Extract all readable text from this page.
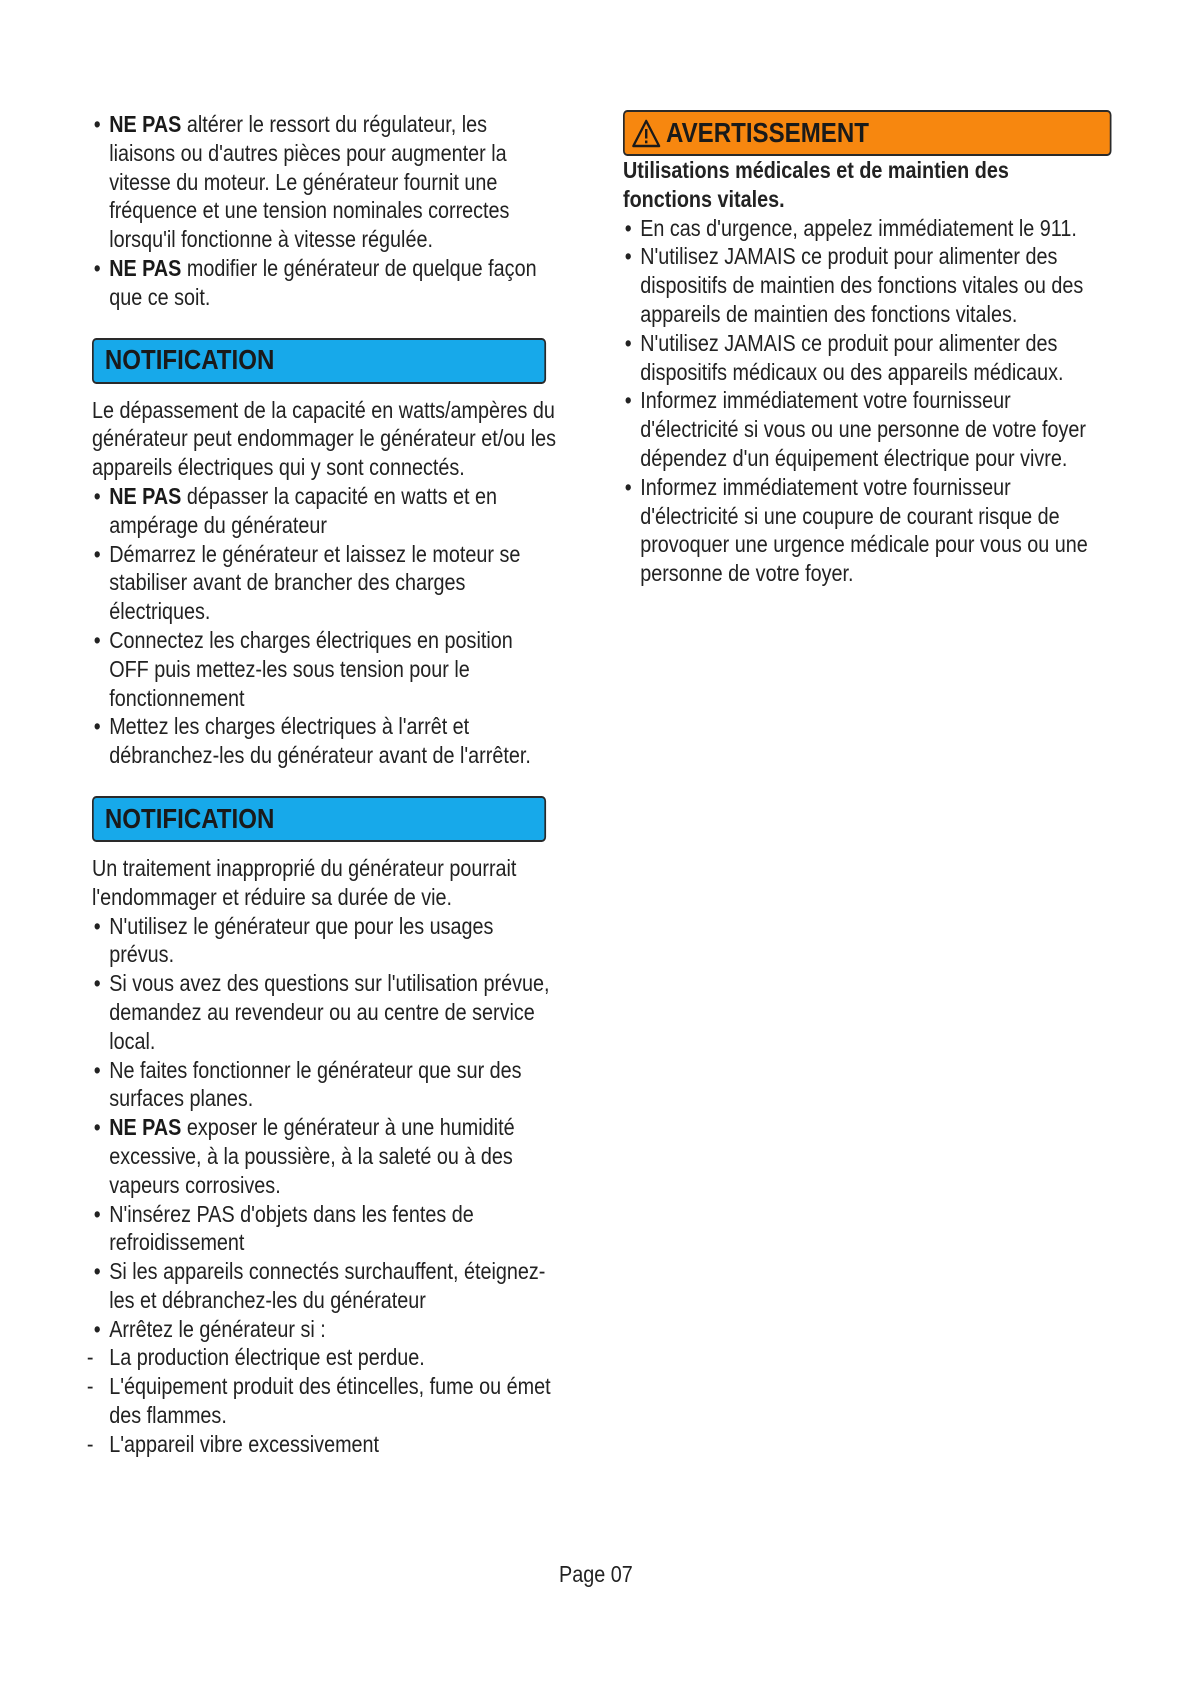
• NE PAS altérer le ressort du régulateur, les liaisons ou d'autres pièces pour augmenter la vitesse du moteur. Le générateur fournit une fréquence et une tension nominales correctes lorsqu'il fonctionne à vitesse régulée.
• NE PAS modifier le générateur de quelque façon que ce soit.
NOTIFICATION

Le dépassement de la capacité en watts/ampères du générateur peut endommager le générateur et/ou les appareils électriques qui y sont connectés.

• NE PAS dépasser la capacité en watts et en ampérage du générateur
• Démarrez le générateur et laissez le moteur se stabiliser avant de brancher des charges électriques.
• Connectez les charges électriques en position OFF puis mettez-les sous tension pour le fonctionnement
• Mettez les charges électriques à l'arrêt et débranchez-les du générateur avant de l'arrêter.
NOTIFICATION

Un traitement inapproprié du générateur pourrait l'endommager et réduire sa durée de vie.

• N'utilisez le générateur que pour les usages prévus.
• Si vous avez des questions sur l'utilisation prévue, demandez au revendeur ou au centre de service local.
• Ne faites fonctionner le générateur que sur des surfaces planes.
• NE PAS exposer le générateur à une humidité excessive, à la poussière, à la saleté ou à des vapeurs corrosives.
• N'insérez PAS d'objets dans les fentes de refroidissement
• Si les appareils connectés surchauffent, éteignez-les et débranchez-les du générateur
• Arrêtez le générateur si :
- La production électrique est perdue.
- L'équipement produit des étincelles, fume ou émet des flammes.
- L'appareil vibre excessivement
AVERTISSEMENT

Utilisations médicales et de maintien des fonctions vitales.

• En cas d'urgence, appelez immédiatement le 911.
• N'utilisez JAMAIS ce produit pour alimenter des dispositifs de maintien des fonctions vitales ou des appareils de maintien des fonctions vitales.
• N'utilisez JAMAIS ce produit pour alimenter des dispositifs médicaux ou des appareils médicaux.
• Informez immédiatement votre fournisseur d'électricité si vous ou une personne de votre foyer dépendez d'un équipement électrique pour vivre.
• Informez immédiatement votre fournisseur d'électricité si une coupure de courant risque de provoquer une urgence médicale pour vous ou une personne de votre foyer.
Page 07
